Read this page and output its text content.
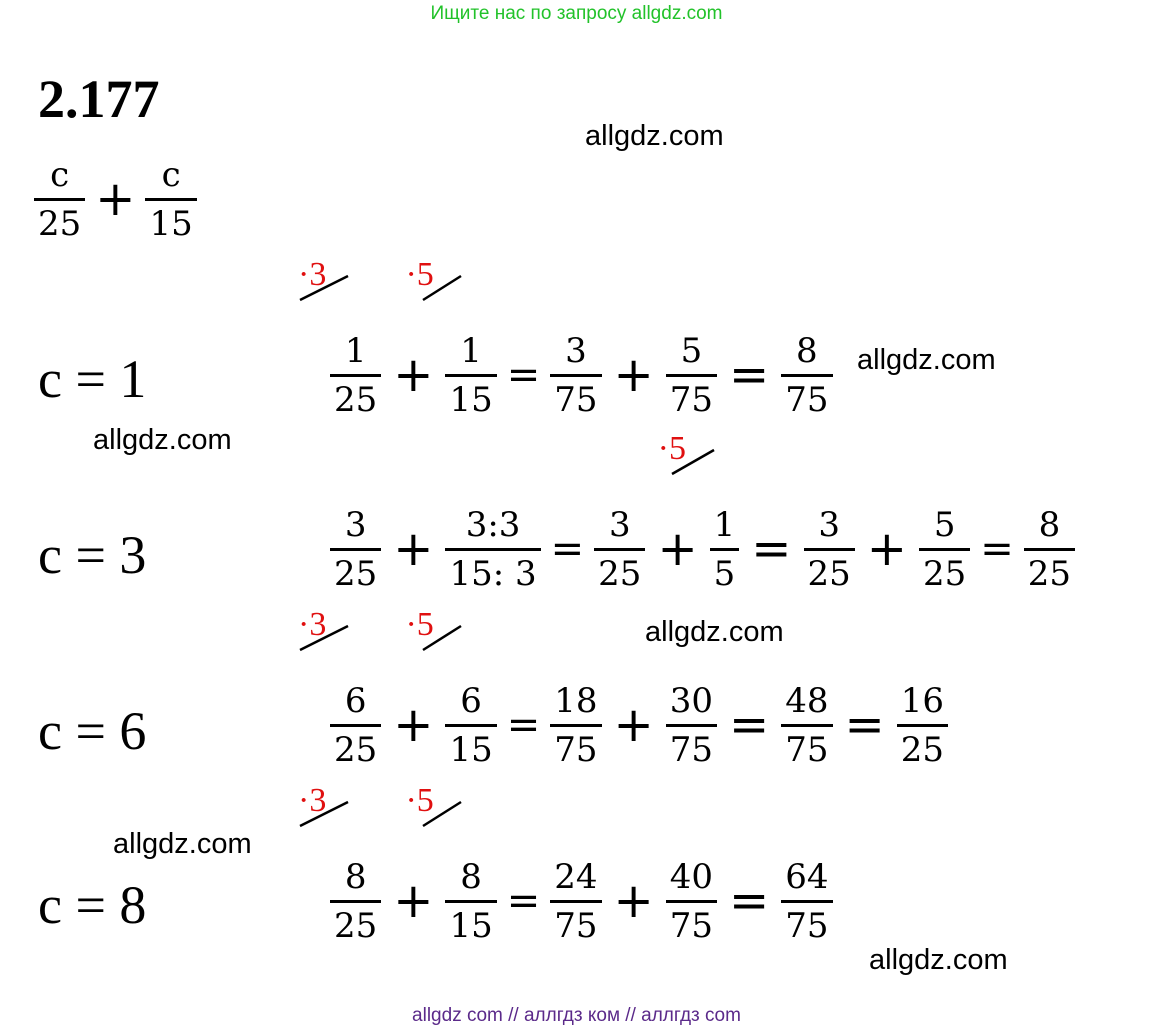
Ищите нас по запросу allgdz.com
2.177
allgdz.com
allgdz.com
allgdz.com
allgdz.com
allgdz.com
allgdz.com
$\frac{c}{25} + \frac{c}{15}$
c = 1
c = 3
c = 6
c = 8
·3
1
25 +
·5
1
15
= $\frac{3}{75} + \frac{5}{75} = \frac{8}{75}$
$\frac{3}{25} + \frac{3:3}{15: 3} = \frac{3}{25}$ +
·5
1
$5 = \frac{3}{25} + \frac{5}{25} = \frac{8}{25}$
·3
6
25 +
·5
6
15
= $\frac{18}{75} + \frac{30}{75} = \frac{48}{75} = \frac{16}{25}$
·3
8
25 +
·5
8
15
= $\frac{24}{75} + \frac{40}{75} = \frac{64}{75}$
allgdz com // аллгдз ком // аллгдз com
